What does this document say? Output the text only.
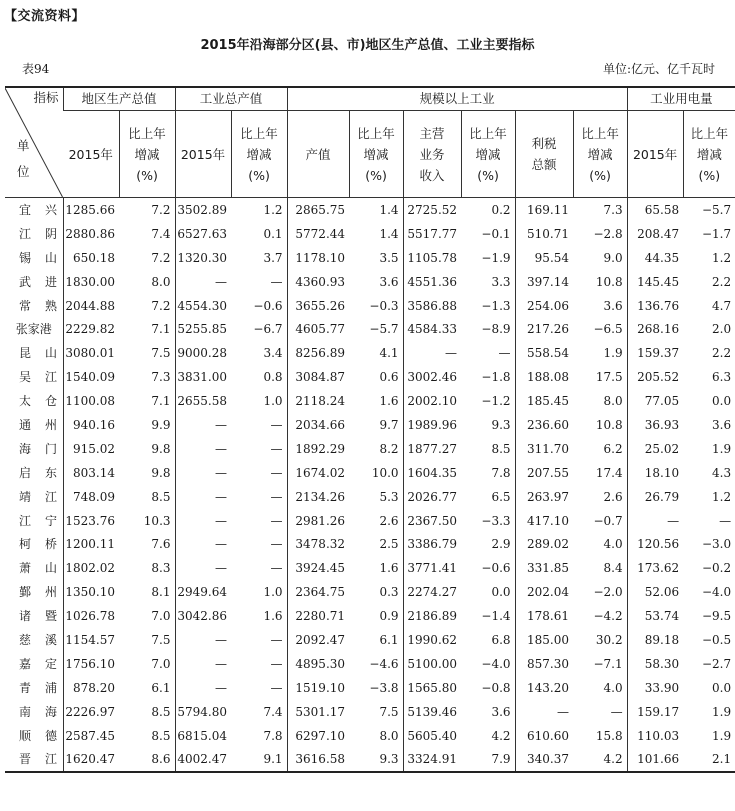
【交流资料】
2015年沿海部分区(县、市)地区生产总值、工业主要指标
表94	单位:亿元、亿千瓦时
指标
单
位	地区生产总值		工业总产值		规模以上工业						工业用电量	
	2015年	比上年
增减
(%)	2015年	比上年
增减
(%)	产值	比上年
增减
(%)	主营
业务
收入	比上年
增减
(%)	利税
总额	比上年
增减
(%)	2015年	比上年
增减
(%)
宜兴	1285.66	7.2	3502.89	1.2	2865.75	1.4	2725.52	0.2	169.11	7.3	65.58	−5.7
江阴	2880.86	7.4	6527.63	0.1	5772.44	1.4	5517.77	−0.1	510.71	−2.8	208.47	−1.7
锡山	650.18	7.2	1320.30	3.7	1178.10	3.5	1105.78	−1.9	95.54	9.0	44.35	1.2
武进	1830.00	8.0	—	—	4360.93	3.6	4551.36	3.3	397.14	10.8	145.45	2.2
常熟	2044.88	7.2	4554.30	−0.6	3655.26	−0.3	3586.88	−1.3	254.06	3.6	136.76	4.7
张家港	2229.82	7.1	5255.85	−6.7	4605.77	−5.7	4584.33	−8.9	217.26	−6.5	268.16	2.0
昆山	3080.01	7.5	9000.28	3.4	8256.89	4.1	—	—	558.54	1.9	159.37	2.2
吴江	1540.09	7.3	3831.00	0.8	3084.87	0.6	3002.46	−1.8	188.08	17.5	205.52	6.3
太仓	1100.08	7.1	2655.58	1.0	2118.24	1.6	2002.10	−1.2	185.45	8.0	77.05	0.0
通州	940.16	9.9	—	—	2034.66	9.7	1989.96	9.3	236.60	10.8	36.93	3.6
海门	915.02	9.8	—	—	1892.29	8.2	1877.27	8.5	311.70	6.2	25.02	1.9
启东	803.14	9.8	—	—	1674.02	10.0	1604.35	7.8	207.55	17.4	18.10	4.3
靖江	748.09	8.5	—	—	2134.26	5.3	2026.77	6.5	263.97	2.6	26.79	1.2
江宁	1523.76	10.3	—	—	2981.26	2.6	2367.50	−3.3	417.10	−0.7	—	—
柯桥	1200.11	7.6	—	—	3478.32	2.5	3386.79	2.9	289.02	4.0	120.56	−3.0
萧山	1802.02	8.3	—	—	3924.45	1.6	3771.41	−0.6	331.85	8.4	173.62	−0.2
鄞州	1350.10	8.1	2949.64	1.0	2364.75	0.3	2274.27	0.0	202.04	−2.0	52.06	−4.0
诸暨	1026.78	7.0	3042.86	1.6	2280.71	0.9	2186.89	−1.4	178.61	−4.2	53.74	−9.5
慈溪	1154.57	7.5	—	—	2092.47	6.1	1990.62	6.8	185.00	30.2	89.18	−0.5
嘉定	1756.10	7.0	—	—	4895.30	−4.6	5100.00	−4.0	857.30	−7.1	58.30	−2.7
青浦	878.20	6.1	—	—	1519.10	−3.8	1565.80	−0.8	143.20	4.0	33.90	0.0
南海	2226.97	8.5	5794.80	7.4	5301.17	7.5	5139.46	3.6	—	—	159.17	1.9
顺德	2587.45	8.5	6815.04	7.8	6297.10	8.0	5605.40	4.2	610.60	15.8	110.03	1.9
晋江	1620.47	8.6	4002.47	9.1	3616.58	9.3	3324.91	7.9	340.37	4.2	101.66	2.1
